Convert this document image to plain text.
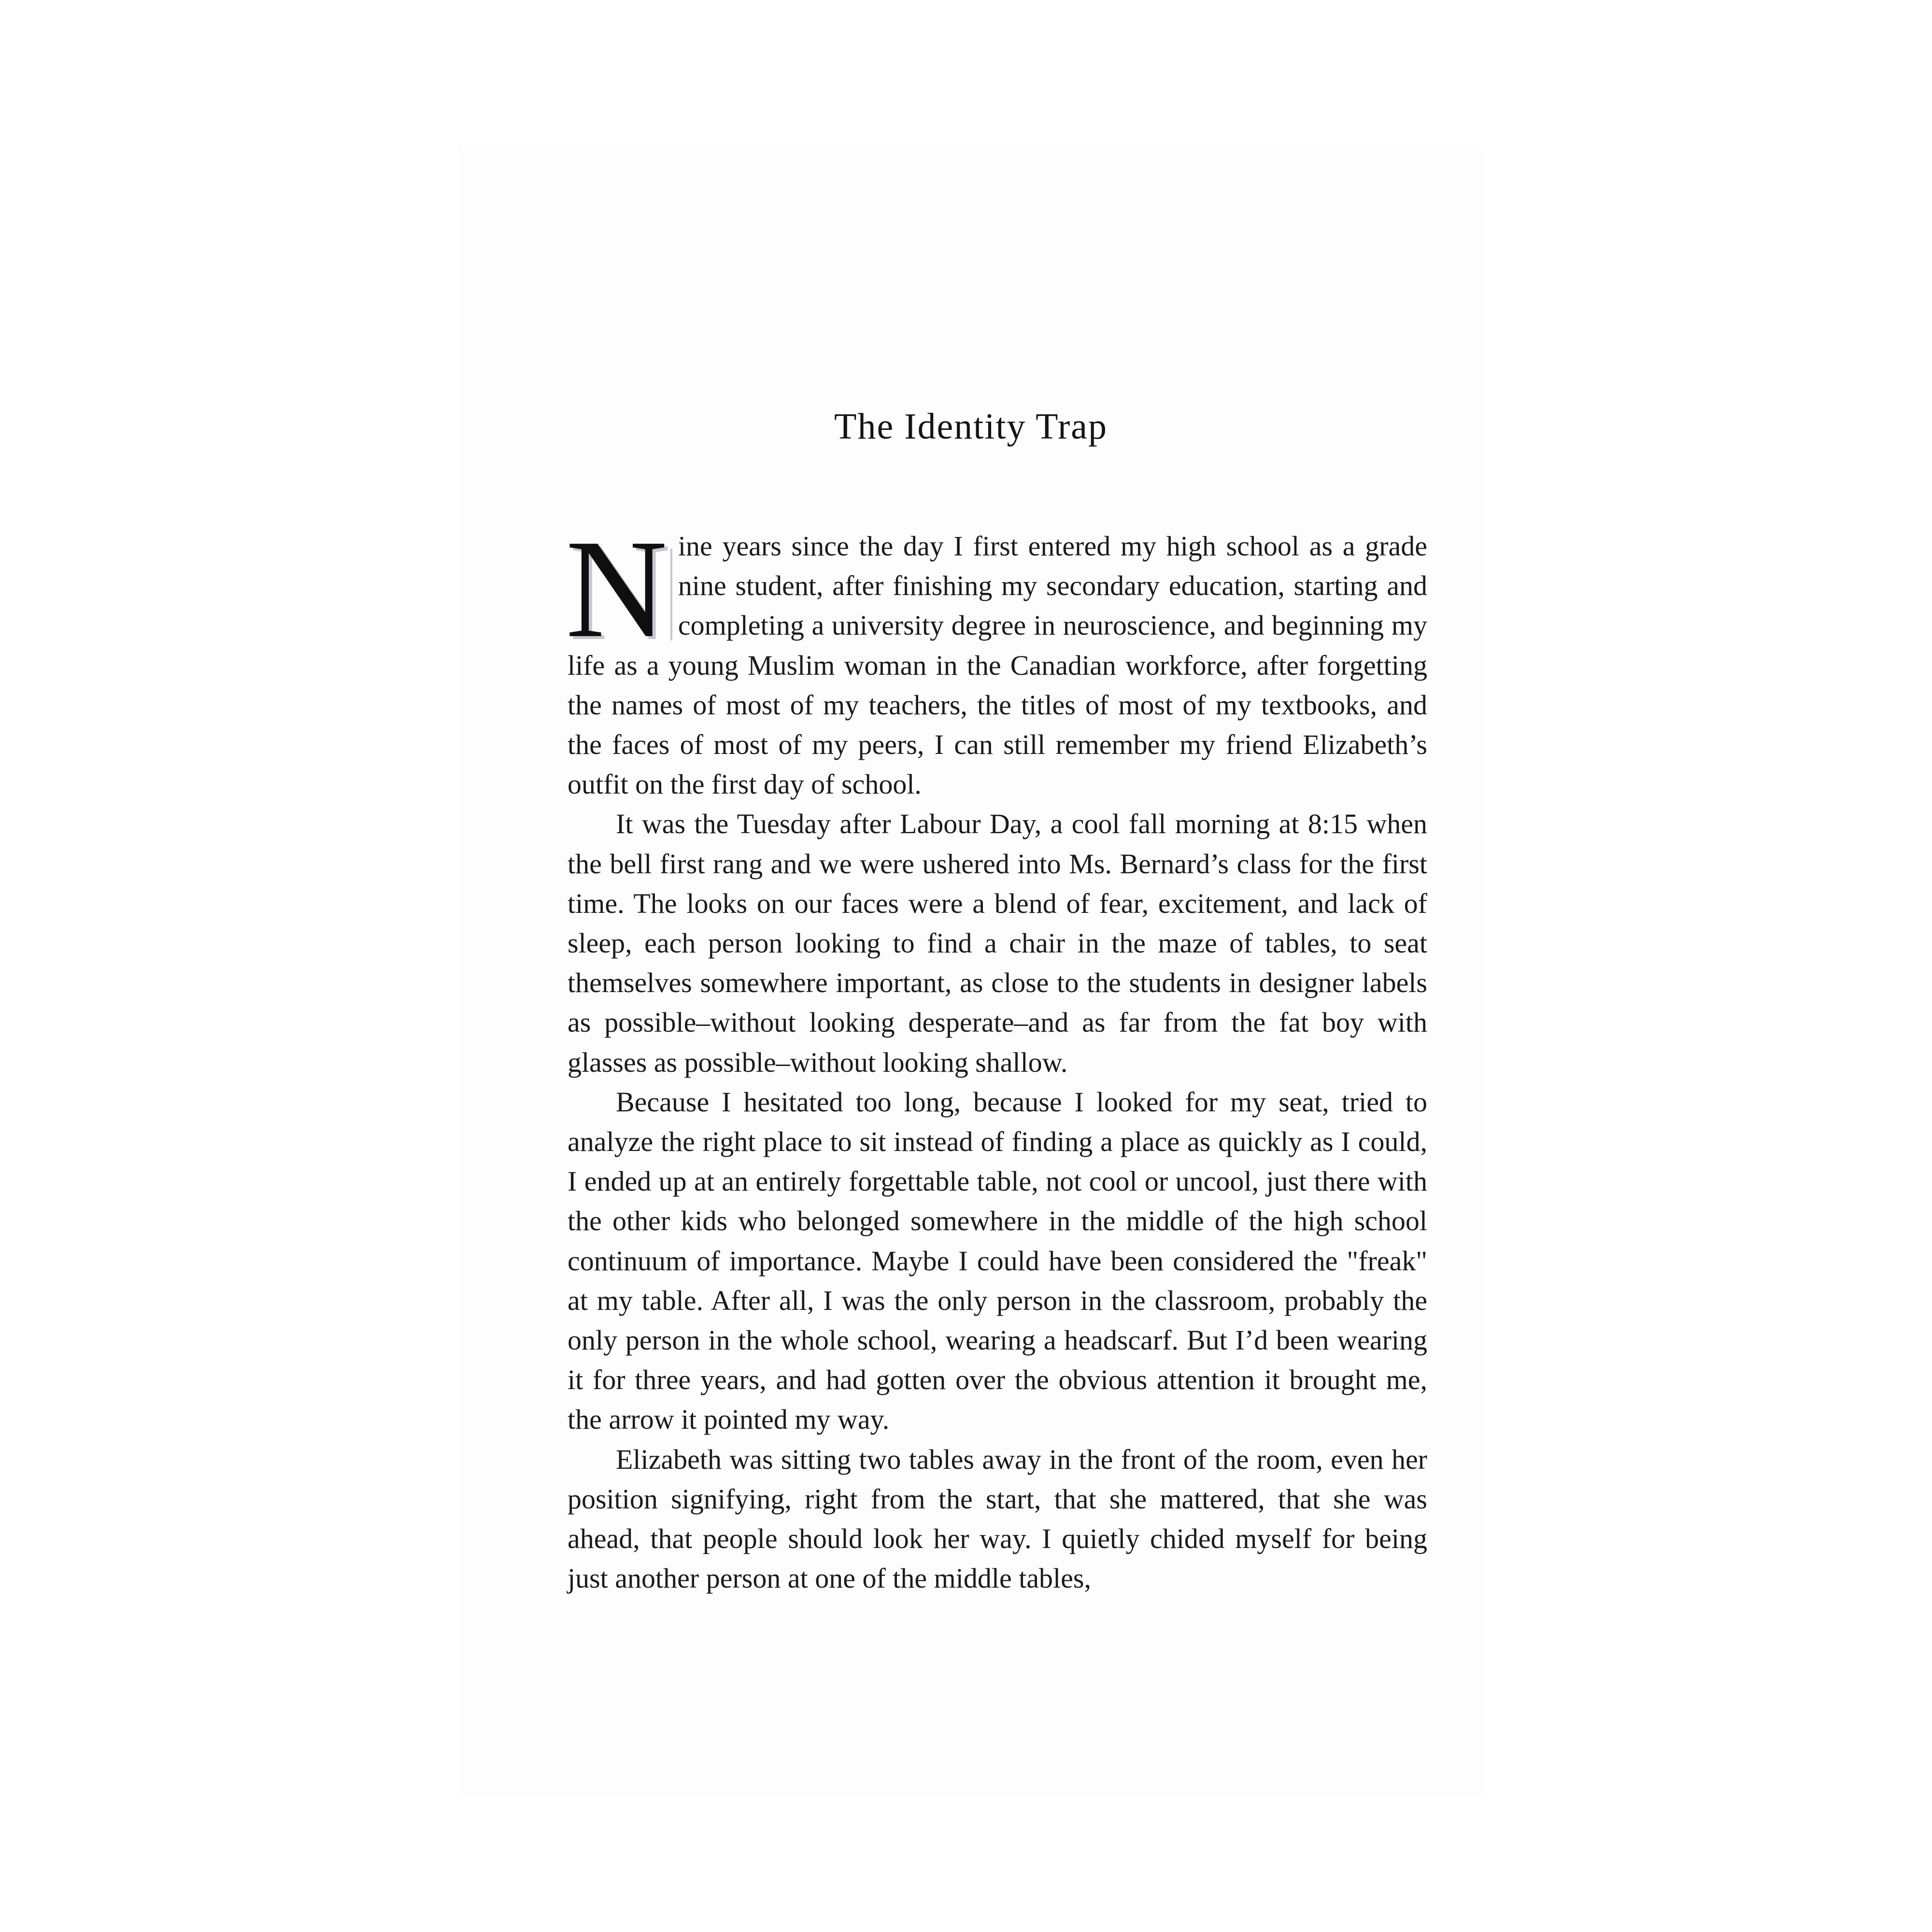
The Identity Trap

Nine years since the day I first entered my high school as a grade nine student, after finishing my secondary education, starting and completing a university degree in neuroscience, and beginning my life as a young Muslim woman in the Canadian workforce, after forgetting the names of most of my teachers, the titles of most of my textbooks, and the faces of most of my peers, I can still remember my friend Elizabeth’s outfit on the first day of school.

It was the Tuesday after Labour Day, a cool fall morning at 8:15 when the bell first rang and we were ushered into Ms. Bernard’s class for the first time. The looks on our faces were a blend of fear, excitement, and lack of sleep, each person looking to find a chair in the maze of tables, to seat themselves somewhere important, as close to the students in designer labels as possible–without looking desperate–and as far from the fat boy with glasses as possible–without looking shallow.

Because I hesitated too long, because I looked for my seat, tried to analyze the right place to sit instead of finding a place as quickly as I could, I ended up at an entirely forgettable table, not cool or uncool, just there with the other kids who belonged somewhere in the middle of the high school continuum of importance. Maybe I could have been considered the "freak" at my table. After all, I was the only person in the classroom, probably the only person in the whole school, wearing a headscarf. But I’d been wearing it for three years, and had gotten over the obvious attention it brought me, the arrow it pointed my way.

Elizabeth was sitting two tables away in the front of the room, even her position signifying, right from the start, that she mattered, that she was ahead, that people should look her way. I quietly chided myself for being just another person at one of the middle tables,
